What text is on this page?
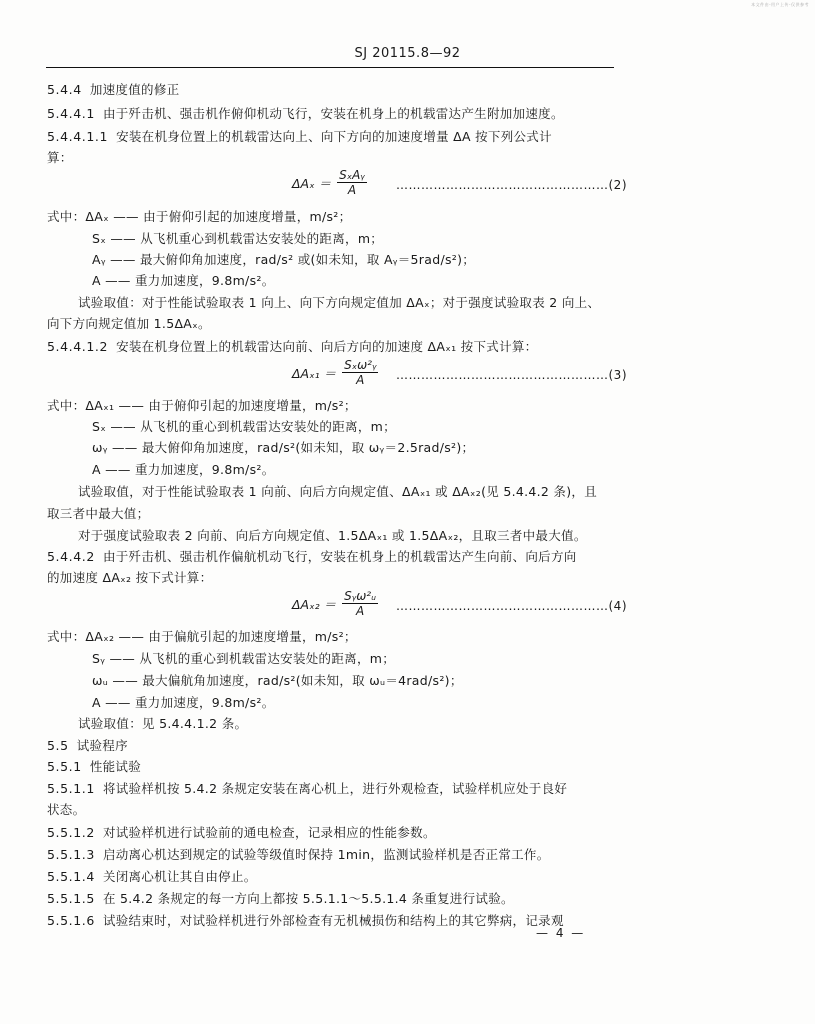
本文件由-用户上传-仅供参考
SJ 20115.8—92
5.4.4 加速度值的修正
5.4.4.1 由于歼击机、强击机作俯仰机动飞行，安装在机身上的机载雷达产生附加加速度。
5.4.4.1.1 安装在机身位置上的机载雷达向上、向下方向的加速度增量 ΔA 按下列公式计
算：
$\Delta A_x = \frac{\text{SₓAᵧ}}{A}$ ……………………………………………(2)
式中：ΔAₓ —— 由于俯仰引起的加速度增量，m/s²；
Sₓ —— 从飞机重心到机载雷达安装处的距离，m；
Aᵧ —— 最大俯仰角加速度，rad/s² 或(如未知，取 Aᵧ＝5rad/s²)；
A —— 重力加速度，9.8m/s²。
试验取值：对于性能试验取表 1 向上、向下方向规定值加 ΔAₓ；对于强度试验取表 2 向上、
向下方向规定值加 1.5ΔAₓ。
5.4.4.1.2 安装在机身位置上的机载雷达向前、向后方向的加速度 ΔAₓ₁ 按下式计算：
$\Delta A_{x1} = \frac{\text{Sₓω²ᵧ}}{A}$ ……………………………………………(3)
式中：ΔAₓ₁ —— 由于俯仰引起的加速度增量，m/s²；
Sₓ —— 从飞机的重心到机载雷达安装处的距离，m；
ωᵧ —— 最大俯仰角加速度，rad/s²(如未知，取 ωᵧ＝2.5rad/s²)；
A —— 重力加速度，9.8m/s²。
试验取值，对于性能试验取表 1 向前、向后方向规定值、ΔAₓ₁ 或 ΔAₓ₂(见 5.4.4.2 条)，且
取三者中最大值；
对于强度试验取表 2 向前、向后方向规定值、1.5ΔAₓ₁ 或 1.5ΔAₓ₂，且取三者中最大值。
5.4.4.2 由于歼击机、强击机作偏航机动飞行，安装在机身上的机载雷达产生向前、向后方向
的加速度 ΔAₓ₂ 按下式计算：
$\Delta A_{x2} = \frac{\text{Sᵧω²ᵤ}}{A}$ ……………………………………………(4)
式中：ΔAₓ₂ —— 由于偏航引起的加速度增量，m/s²；
Sᵧ —— 从飞机的重心到机载雷达安装处的距离，m；
ωᵤ —— 最大偏航角加速度，rad/s²(如未知，取 ωᵤ＝4rad/s²)；
A —— 重力加速度，9.8m/s²。
试验取值：见 5.4.4.1.2 条。
5.5 试验程序
5.5.1 性能试验
5.5.1.1 将试验样机按 5.4.2 条规定安装在离心机上，进行外观检查，试验样机应处于良好
状态。
5.5.1.2 对试验样机进行试验前的通电检查，记录相应的性能参数。
5.5.1.3 启动离心机达到规定的试验等级值时保持 1min，监测试验样机是否正常工作。
5.5.1.4 关闭离心机让其自由停止。
5.5.1.5 在 5.4.2 条规定的每一方向上都按 5.5.1.1～5.5.1.4 条重复进行试验。
5.5.1.6 试验结束时，对试验样机进行外部检查有无机械损伤和结构上的其它弊病，记录观
— 4 —
